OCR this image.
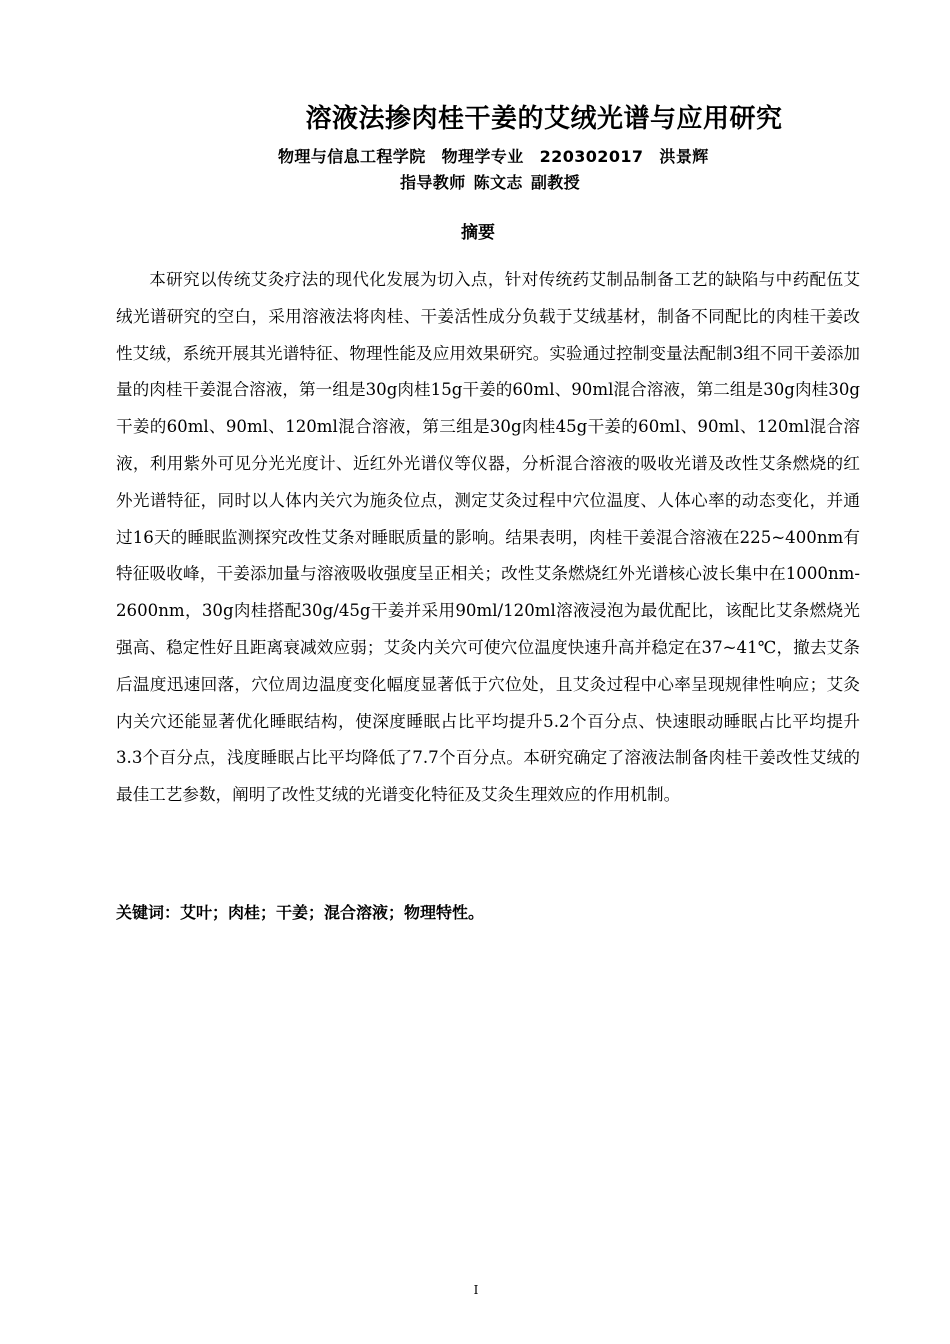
溶液法掺肉桂干姜的艾绒光谱与应用研究
物理与信息工程学院 物理学专业 220302017 洪景辉
指导教师 陈文志 副教授
摘要

本研究以传统艾灸疗法的现代化发展为切入点，针对传统药艾制品制备工艺的缺陷与中药配伍艾绒光谱研究的空白，采用溶液法将肉桂、干姜活性成分负载于艾绒基材，制备不同配比的肉桂干姜改性艾绒，系统开展其光谱特征、物理性能及应用效果研究。实验通过控制变量法配制3组不同干姜添加量的肉桂干姜混合溶液，第一组是30g肉桂15g干姜的60ml、90ml混合溶液，第二组是30g肉桂30g干姜的60ml、90ml、120ml混合溶液，第三组是30g肉桂45g干姜的60ml、90ml、120ml混合溶液，利用紫外可见分光光度计、近红外光谱仪等仪器，分析混合溶液的吸收光谱及改性艾条燃烧的红外光谱特征，同时以人体内关穴为施灸位点，测定艾灸过程中穴位温度、人体心率的动态变化，并通过16天的睡眠监测探究改性艾条对睡眠质量的影响。结果表明，肉桂干姜混合溶液在225~400nm有特征吸收峰，干姜添加量与溶液吸收强度呈正相关；改性艾条燃烧红外光谱核心波长集中在1000nm-2600nm，30g肉桂搭配30g/45g干姜并采用90ml/120ml溶液浸泡为最优配比，该配比艾条燃烧光强高、稳定性好且距离衰减效应弱；艾灸内关穴可使穴位温度快速升高并稳定在37~41℃，撤去艾条后温度迅速回落，穴位周边温度变化幅度显著低于穴位处，且艾灸过程中心率呈现规律性响应；艾灸内关穴还能显著优化睡眠结构，使深度睡眠占比平均提升5.2个百分点、快速眼动睡眠占比平均提升3.3个百分点，浅度睡眠占比平均降低了7.7个百分点。本研究确定了溶液法制备肉桂干姜改性艾绒的最佳工艺参数，阐明了改性艾绒的光谱变化特征及艾灸生理效应的作用机制。

关键词：艾叶；肉桂；干姜；混合溶液；物理特性。
I
